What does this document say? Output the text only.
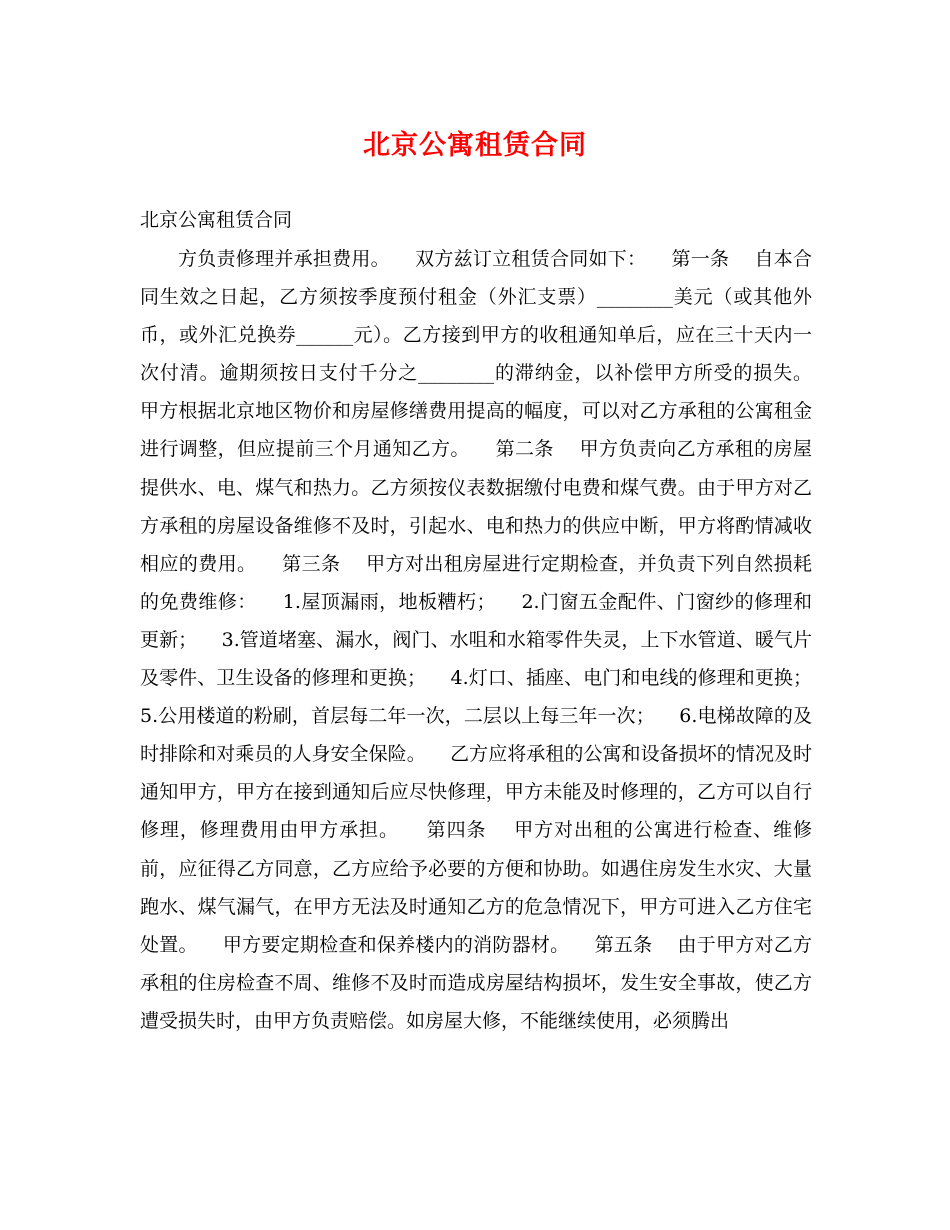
北京公寓租赁合同
北京公寓租赁合同
方负责修理并承担费用。    双方兹订立租赁合同如下：    第一条    自本合同生效之日起，乙方须按季度预付租金（外汇支票）________美元（或其他外币，或外汇兑换券______元）。乙方接到甲方的收租通知单后，应在三十天内一次付清。逾期须按日支付千分之________的滞纳金，以补偿甲方所受的损失。    甲方根据北京地区物价和房屋修缮费用提高的幅度，可以对乙方承租的公寓租金进行调整，但应提前三个月通知乙方。    第二条    甲方负责向乙方承租的房屋提供水、电、煤气和热力。乙方须按仪表数据缴付电费和煤气费。由于甲方对乙方承租的房屋设备维修不及时，引起水、电和热力的供应中断，甲方将酌情减收相应的费用。    第三条    甲方对出租房屋进行定期检查，并负责下列自然损耗的免费维修：    1.屋顶漏雨，地板糟朽；    2.门窗五金配件、门窗纱的修理和更新；    3.管道堵塞、漏水，阀门、水咀和水箱零件失灵，上下水管道、暖气片及零件、卫生设备的修理和更换；    4.灯口、插座、电门和电线的修理和更换；    5.公用楼道的粉刷，首层每二年一次，二层以上每三年一次；    6.电梯故障的及时排除和对乘员的人身安全保险。    乙方应将承租的公寓和设备损坏的情况及时通知甲方，甲方在接到通知后应尽快修理，甲方未能及时修理的，乙方可以自行修理，修理费用由甲方承担。    第四条    甲方对出租的公寓进行检查、维修前，应征得乙方同意，乙方应给予必要的方便和协助。如遇住房发生水灾、大量跑水、煤气漏气，在甲方无法及时通知乙方的危急情况下，甲方可进入乙方住宅处置。    甲方要定期检查和保养楼内的消防器材。    第五条    由于甲方对乙方承租的住房检查不周、维修不及时而造成房屋结构损坏，发生安全事故，使乙方遭受损失时，由甲方负责赔偿。如房屋大修，不能继续使用，必须腾出
